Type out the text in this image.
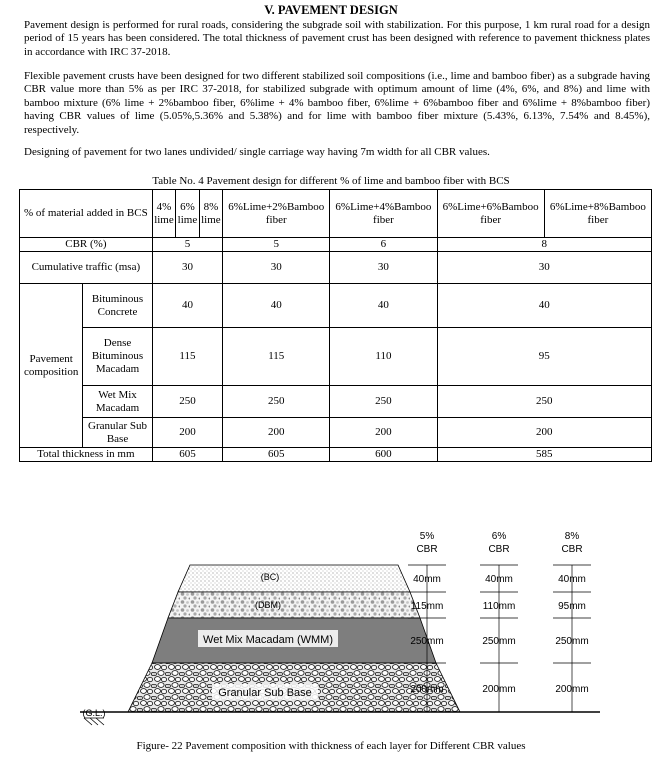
V. PAVEMENT DESIGN

Pavement design is performed for rural roads, considering the subgrade soil with stabilization. For this purpose, 1 km rural road for a design period of 15 years has been considered. The total thickness of pavement crust has been designed with reference to pavement thickness plates in accordance with IRC 37-2018.

Flexible pavement crusts have been designed for two different stabilized soil compositions (i.e., lime and bamboo fiber) as a subgrade having CBR value more than 5% as per IRC 37-2018, for stabilized subgrade with optimum amount of lime (4%, 6%, and 8%) and lime with bamboo mixture (6% lime + 2%bamboo fiber, 6%lime + 4% bamboo fiber, 6%lime + 6%bamboo fiber and 6%lime + 8%bamboo fiber) having CBR values of lime (5.05%,5.36% and 5.38%) and for lime with bamboo fiber mixture (5.43%, 6.13%, 7.54% and 8.45%), respectively.

Designing of pavement for two lanes undivided/ single carriage way having 7m width for all CBR values.

Table No. 4 Pavement design for different % of lime and bamboo fiber with BCS
% of material added in BCS		4% lime	6% lime	8% lime	6%Lime+2%Bamboo fiber	6%Lime+4%Bamboo fiber	6%Lime+6%Bamboo fiber	6%Lime+8%Bamboo fiber
CBR (%)		5			5	6	8	
Cumulative traffic (msa)		30			30	30	30	
Pavement composition	Bituminous Concrete	40			40	40	40	
	Dense Bituminous Macadam	115			115	110	95	
	Wet Mix Macadam	250			250	250	250	
	Granular Sub Base	200			200	200	200	
Total thickness in mm		605			605	600	585	
(BC)
(DBM)
Wet Mix Macadam (WMM)
Granular Sub Base
(G.L.)
5%
CBR
6%
CBR
8%
CBR
40mm
115mm
250mm
200mm
40mm
110mm
250mm
200mm
40mm
95mm
250mm
200mm
Figure- 22 Pavement composition with thickness of each layer for Different CBR values
